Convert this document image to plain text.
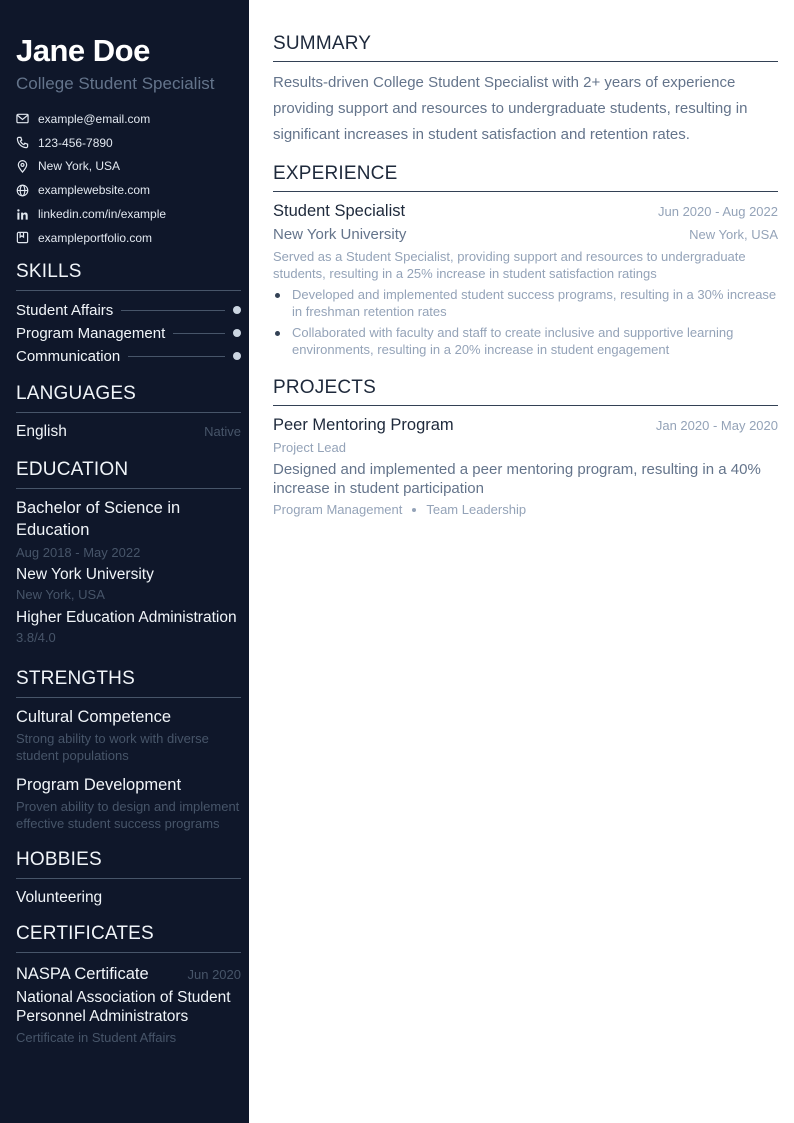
Jane Doe
College Student Specialist
example@email.com
123-456-7890
New York, USA
examplewebsite.com
linkedin.com/in/example
exampleportfolio.com
SKILLS
Student Affairs
Program Management
Communication
LANGUAGES
English	Native
EDUCATION
Bachelor of Science in Education
Aug 2018 - May 2022
New York University
New York, USA
Higher Education Administration
3.8/4.0
STRENGTHS
Cultural Competence
Strong ability to work with diverse student populations
Program Development
Proven ability to design and implement effective student success programs
HOBBIES
Volunteering
CERTIFICATES
NASPA Certificate	Jun 2020
National Association of Student Personnel Administrators
Certificate in Student Affairs
SUMMARY
Results-driven College Student Specialist with 2+ years of experience providing support and resources to undergraduate students, resulting in significant increases in student satisfaction and retention rates.
EXPERIENCE
Student Specialist	Jun 2020 - Aug 2022
New York University	New York, USA
Served as a Student Specialist, providing support and resources to undergraduate students, resulting in a 25% increase in student satisfaction ratings
Developed and implemented student success programs, resulting in a 30% increase in freshman retention rates
Collaborated with faculty and staff to create inclusive and supportive learning environments, resulting in a 20% increase in student engagement
PROJECTS
Peer Mentoring Program	Jan 2020 - May 2020
Project Lead
Designed and implemented a peer mentoring program, resulting in a 40% increase in student participation
Program Management Team Leadership
